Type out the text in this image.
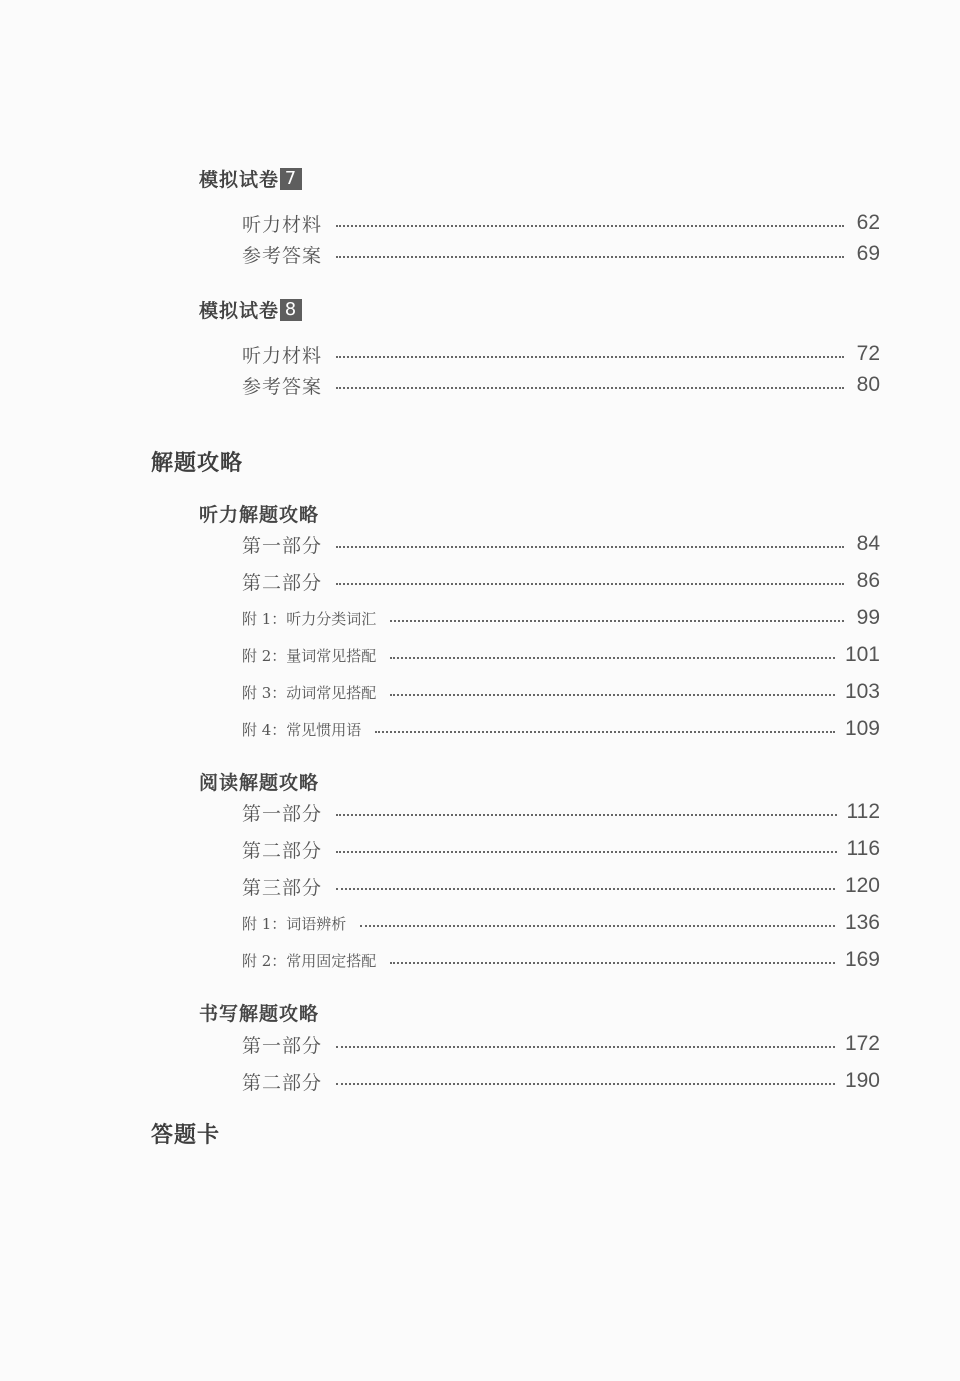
模拟试卷 7
听力材料	62
参考答案	69
模拟试卷 8
听力材料	72
参考答案	80
解题攻略
听力解题攻略
第一部分	84
第二部分	86
附 1：听力分类词汇	99
附 2：量词常见搭配	101
附 3：动词常见搭配	103
附 4：常见惯用语	109
阅读解题攻略
第一部分	112
第二部分	116
第三部分	120
附 1：词语辨析	136
附 2：常用固定搭配	169
书写解题攻略
第一部分	172
第二部分	190
答题卡
